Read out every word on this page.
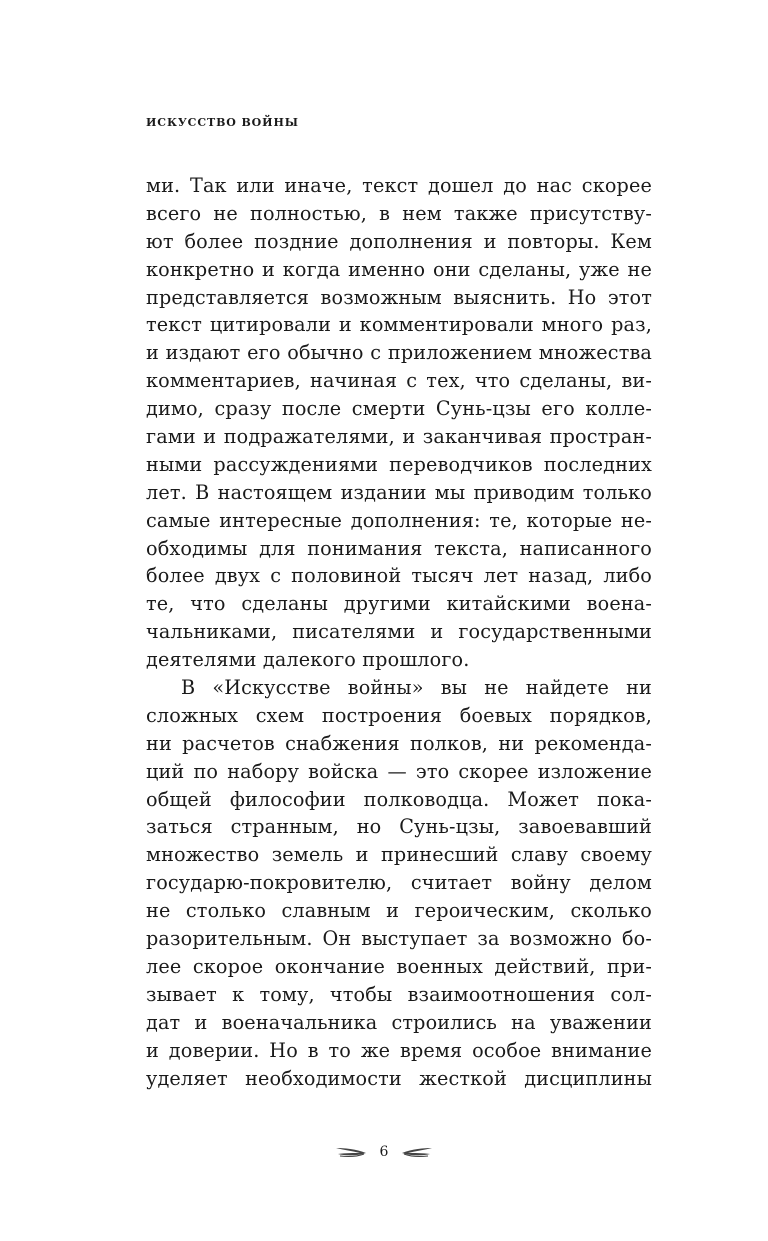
ИСКУССТВО ВОЙНЫ
ми. Так или иначе, текст дошел до нас скорее
всего не полностью, в нем также присутству-
ют более поздние дополнения и повторы. Кем
конкретно и когда именно они сделаны, уже не
представляется возможным выяснить. Но этот
текст цитировали и комментировали много раз,
и издают его обычно с приложением множества
комментариев, начиная с тех, что сделаны, ви-
димо, сразу после смерти Сунь-цзы его колле-
гами и подражателями, и заканчивая простран-
ными рассуждениями переводчиков последних
лет. В настоящем издании мы приводим только
самые интересные дополнения: те, которые не-
обходимы для понимания текста, написанного
более двух с половиной тысяч лет назад, либо
те, что сделаны другими китайскими воена-
чальниками, писателями и государственными
деятелями далекого прошлого.
В «Искусстве войны» вы не найдете ни
сложных схем построения боевых порядков,
ни расчетов снабжения полков, ни рекоменда-
ций по набору войска — это скорее изложение
общей философии полководца. Может пока-
заться странным, но Сунь-цзы, завоевавший
множество земель и принесший славу своему
государю-покровителю, считает войну делом
не столько славным и героическим, сколько
разорительным. Он выступает за возможно бо-
лее скорое окончание военных действий, при-
зывает к тому, чтобы взаимоотношения сол-
дат и военачальника строились на уважении
и доверии. Но в то же время особое внимание
уделяет необходимости жесткой дисциплины
6
